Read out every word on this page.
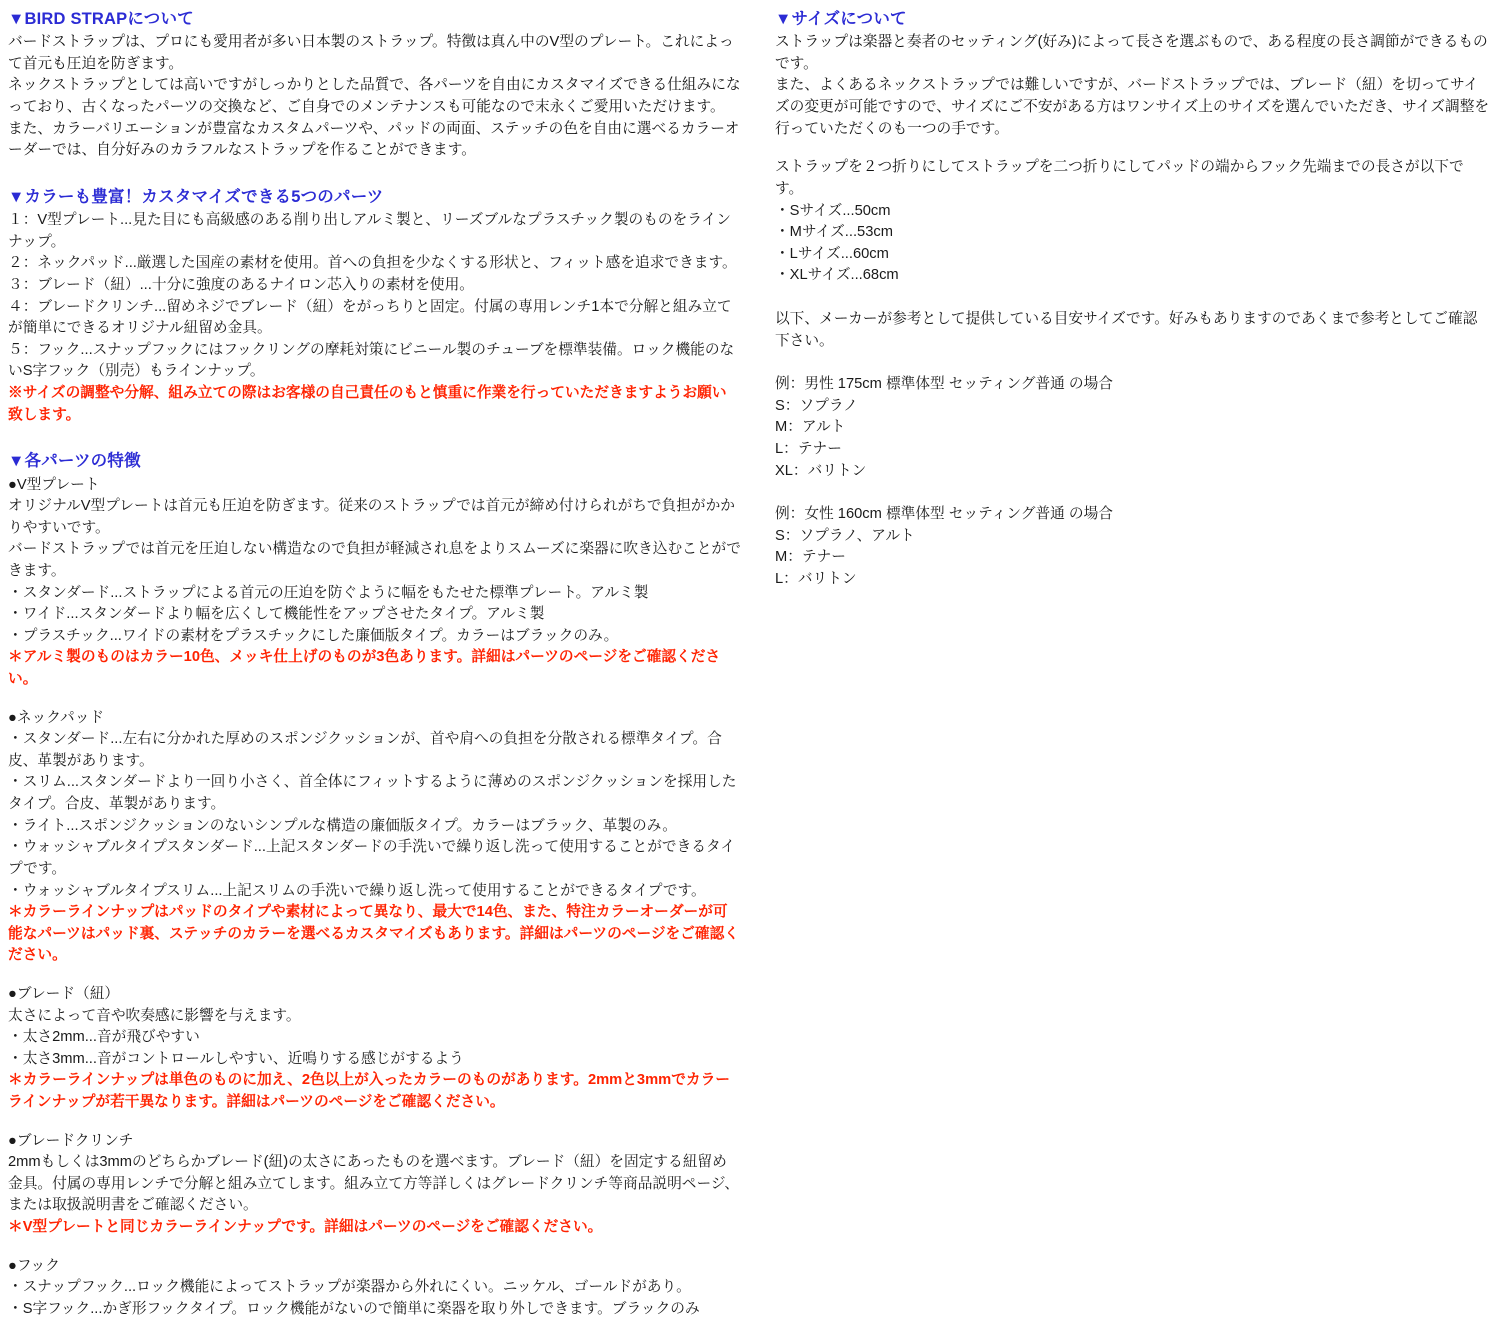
▼BIRD STRAPについて

バードストラップは、プロにも愛用者が多い日本製のストラップ。特徴は真ん中のV型のプレート。これによって首元も圧迫を防ぎます。

ネックストラップとしては高いですがしっかりとした品質で、各パーツを自由にカスタマイズできる仕組みになっており、古くなったパーツの交換など、ご自身でのメンテナンスも可能なので末永くご愛用いただけます。

また、カラーバリエーションが豊富なカスタムパーツや、パッドの両面、ステッチの色を自由に選べるカラーオーダーでは、自分好みのカラフルなストラップを作ることができます。

▼カラーも豊富！カスタマイズできる5つのパーツ

１：V型プレート...見た目にも高級感のある削り出しアルミ製と、リーズブルなプラスチック製のものをラインナップ。

２：ネックパッド...厳選した国産の素材を使用。首への負担を少なくする形状と、フィット感を追求できます。

３：ブレード（紐）...十分に強度のあるナイロン芯入りの素材を使用。

４：ブレードクリンチ...留めネジでブレード（紐）をがっちりと固定。付属の専用レンチ1本で分解と組み立てが簡単にできるオリジナル紐留め金具。

５：フック...スナップフックにはフックリングの摩耗対策にビニール製のチューブを標準装備。ロック機能のないS字フック（別売）もラインナップ。

※サイズの調整や分解、組み立ての際はお客様の自己責任のもと慎重に作業を行っていただきますようお願い致します。

▼各パーツの特徴

●V型プレート

オリジナルV型プレートは首元も圧迫を防ぎます。従来のストラップでは首元が締め付けられがちで負担がかかりやすいです。

バードストラップでは首元を圧迫しない構造なので負担が軽減され息をよりスムーズに楽器に吹き込むことができます。

・スタンダード...ストラップによる首元の圧迫を防ぐように幅をもたせた標準プレート。アルミ製

・ワイド...スタンダードより幅を広くして機能性をアップさせたタイプ。アルミ製

・プラスチック...ワイドの素材をプラスチックにした廉価版タイプ。カラーはブラックのみ。

＊アルミ製のものはカラー10色、メッキ仕上げのものが3色あります。詳細はパーツのページをご確認ください。

●ネックパッド

・スタンダード...左右に分かれた厚めのスポンジクッションが、首や肩への負担を分散される標準タイプ。合皮、革製があります。

・スリム...スタンダードより一回り小さく、首全体にフィットするように薄めのスポンジクッションを採用したタイプ。合皮、革製があります。

・ライト...スポンジクッションのないシンプルな構造の廉価版タイプ。カラーはブラック、革製のみ。

・ウォッシャブルタイプスタンダード...上記スタンダードの手洗いで繰り返し洗って使用することができるタイプです。

・ウォッシャブルタイプスリム...上記スリムの手洗いで繰り返し洗って使用することができるタイプです。

＊カラーラインナップはパッドのタイプや素材によって異なり、最大で14色、また、特注カラーオーダーが可能なパーツはパッド裏、ステッチのカラーを選べるカスタマイズもあります。詳細はパーツのページをご確認ください。

●ブレード（紐）

太さによって音や吹奏感に影響を与えます。

・太さ2mm...音が飛びやすい

・太さ3mm...音がコントロールしやすい、近鳴りする感じがするよう

＊カラーラインナップは単色のものに加え、2色以上が入ったカラーのものがあります。2mmと3mmでカラーラインナップが若干異なります。詳細はパーツのページをご確認ください。

●ブレードクリンチ

2mmもしくは3mmのどちらかブレード(紐)の太さにあったものを選べます。ブレード（紐）を固定する紐留め金具。付属の専用レンチで分解と組み立てします。組み立て方等詳しくはグレードクリンチ等商品説明ページ、または取扱説明書をご確認ください。

＊V型プレートと同じカラーラインナップです。詳細はパーツのページをご確認ください。

●フック

・スナップフック...ロック機能によってストラップが楽器から外れにくい。ニッケル、ゴールドがあり。

・S字フック...かぎ形フックタイプ。ロック機能がないので簡単に楽器を取り外しできます。ブラックのみ

▼サイズについて

ストラップは楽器と奏者のセッティング(好み)によって長さを選ぶもので、ある程度の長さ調節ができるものです。

また、よくあるネックストラップでは難しいですが、バードストラップでは、ブレード（紐）を切ってサイズの変更が可能ですので、サイズにご不安がある方はワンサイズ上のサイズを選んでいただき、サイズ調整を行っていただくのも一つの手です。

ストラップを２つ折りにしてストラップを二つ折りにしてパッドの端からフック先端までの長さが以下です。

・Sサイズ...50cm

・Mサイズ...53cm

・Lサイズ...60cm

・XLサイズ...68cm

以下、メーカーが参考として提供している目安サイズです。好みもありますのであくまで参考としてご確認下さい。

例：男性 175cm 標準体型 セッティング普通 の場合

S：ソプラノ

M：アルト

L：テナー

XL：バリトン

例：女性 160cm 標準体型 セッティング普通 の場合

S：ソプラノ、アルト

M：テナー

L：バリトン
